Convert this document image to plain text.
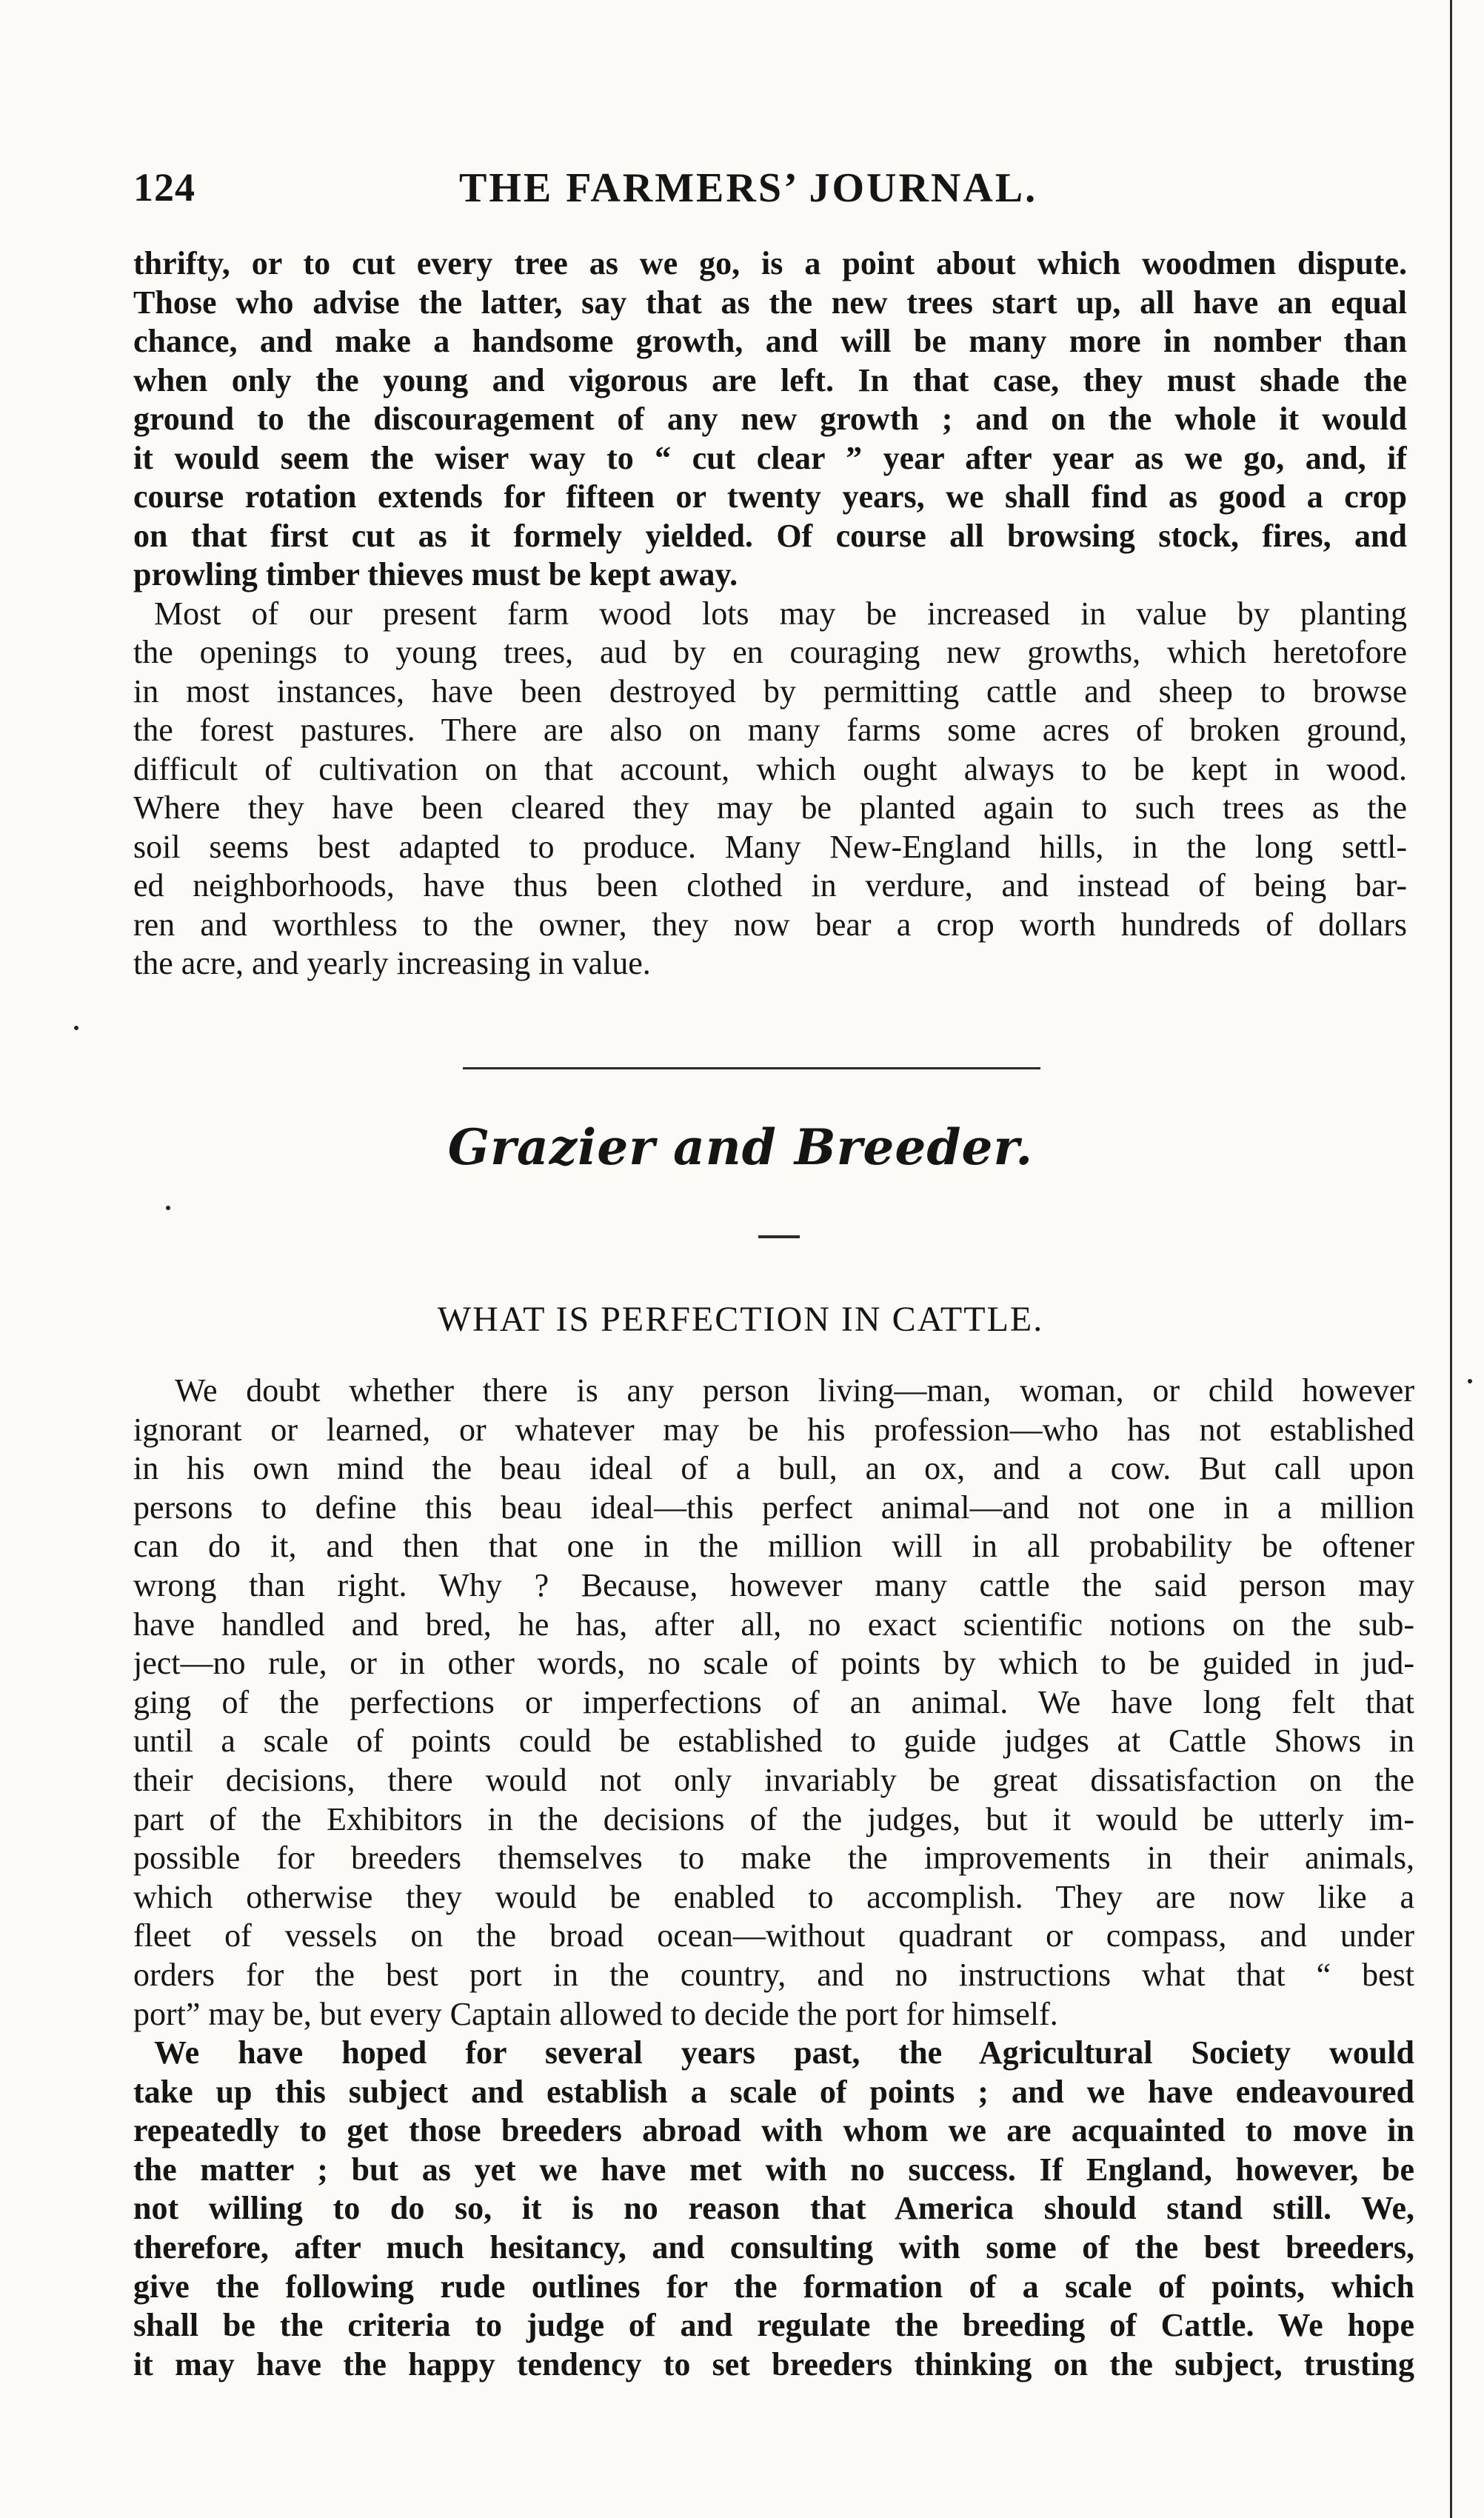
124	THE FARMERS’ JOURNAL.
thrifty, or to cut every tree as we go, is a point about which woodmen dispute.
Those who advise the latter, say that as the new trees start up, all have an equal
chance, and make a handsome growth, and will be many more in nomber than
when only the young and vigorous are left. In that case, they must shade the
ground to the discouragement of any new growth ; and on the whole it would
it would seem the wiser way to “ cut clear ” year after year as we go, and, if
course rotation extends for fifteen or twenty years, we shall find as good a crop
on that first cut as it formely yielded. Of course all browsing stock, fires, and
prowling timber thieves must be kept away.
Most of our present farm wood lots may be increased in value by planting
the openings to young trees, aud by en couraging new growths, which heretofore
in most instances, have been destroyed by permitting cattle and sheep to browse
the forest pastures. There are also on many farms some acres of broken ground,
difficult of cultivation on that account, which ought always to be kept in wood.
Where they have been cleared they may be planted again to such trees as the
soil seems best adapted to produce. Many New-England hills, in the long settl-
ed neighborhoods, have thus been clothed in verdure, and instead of being bar-
ren and worthless to the owner, they now bear a crop worth hundreds of dollars
the acre, and yearly increasing in value.
Grazier and Breeder.
WHAT IS PERFECTION IN CATTLE.
We doubt whether there is any person living—man, woman, or child however
ignorant or learned, or whatever may be his profession—who has not established
in his own mind the beau ideal of a bull, an ox, and a cow. But call upon
persons to define this beau ideal—this perfect animal—and not one in a million
can do it, and then that one in the million will in all probability be oftener
wrong than right. Why ? Because, however many cattle the said person may
have handled and bred, he has, after all, no exact scientific notions on the sub-
ject—no rule, or in other words, no scale of points by which to be guided in jud-
ging of the perfections or imperfections of an animal. We have long felt that
until a scale of points could be established to guide judges at Cattle Shows in
their decisions, there would not only invariably be great dissatisfaction on the
part of the Exhibitors in the decisions of the judges, but it would be utterly im-
possible for breeders themselves to make the improvements in their animals,
which otherwise they would be enabled to accomplish. They are now like a
fleet of vessels on the broad ocean—without quadrant or compass, and under
orders for the best port in the country, and no instructions what that “ best
port” may be, but every Captain allowed to decide the port for himself.
We have hoped for several years past, the Agricultural Society would
take up this subject and establish a scale of points ; and we have endeavoured
repeatedly to get those breeders abroad with whom we are acquainted to move in
the matter ; but as yet we have met with no success. If England, however, be
not willing to do so, it is no reason that America should stand still. We,
therefore, after much hesitancy, and consulting with some of the best breeders,
give the following rude outlines for the formation of a scale of points, which
shall be the criteria to judge of and regulate the breeding of Cattle. We hope
it may have the happy tendency to set breeders thinking on the subject, trusting
